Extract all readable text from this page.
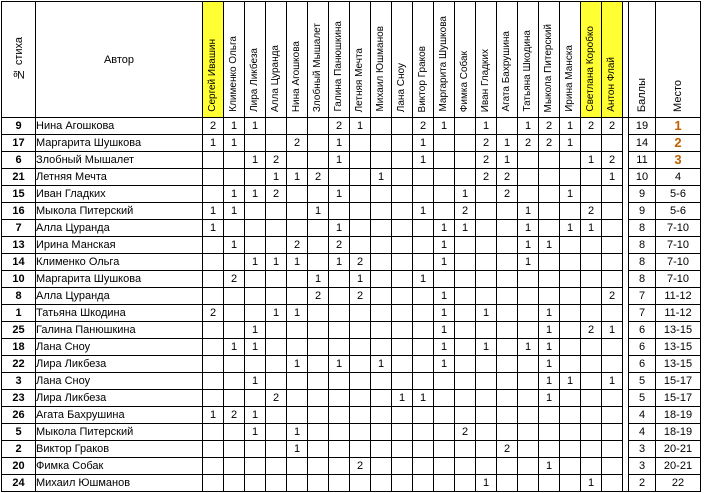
№ стиха	Автор	Сергей Ивашин	Клименко Ольга	Лира Ликбеза	Алла Цуранда	Нина Агошкова	Злобный Мышалет	Галина Панюшкина	Летняя Мечта	Михаил Юшманов	Лана Сноу	Виктор Граков	Маргарита Шушкова	Фимка Собак	Иван Гладких	Агата Бахрушина	Татьяна Шкодина	Мыкола Питерский	Ирина Манска	Светлана Коробко	Антон Флай		Баллы	Место
9	Нина Агошкова	2	1	1				2	1			2	1		1		1	2	1	2	2		19	1
17	Маргарита Шушкова	1	1			2		1				1			2	1	2	2	1				14	2
6	Злобный Мышалет			1	2			1				1			2	1				1	2		11	3
21	Летняя Мечта				1	1	2			1					2	2					1		10	4
15	Иван Гладких		1	1	2			1						1		2			1				9	5-6
16	Мыкола Питерский	1	1				1					1		2			1			2			9	5-6
7	Алла Цуранда	1						1					1	1			1		1	1			8	7-10
13	Ирина Манская		1			2		2					1				1	1					8	7-10
14	Клименко Ольга			1	1	1		1	2				1				1						8	7-10
10	Маргарита Шушкова		2				1		1			1											8	7-10
8	Алла Цуранда						2		2				1								2		7	11-12
1	Татьяна Шкодина	2			1	1							1		1			1					7	11-12
25	Галина Панюшкина			1									1					1		2	1		6	13-15
18	Лана Сноу		1	1									1		1		1	1					6	13-15
22	Лира Ликбеза					1		1		1			1					1					6	13-15
3	Лана Сноу			1														1	1		1		5	15-17
23	Лира Ликбеза				2						1	1						1					5	15-17
26	Агата Бахрушина	1	2	1																			4	18-19
5	Мыкола Питерский			1		1								2									4	18-19
2	Виктор Граков					1										2							3	20-21
20	Фимка Собак								2									1					3	20-21
24	Михаил Юшманов														1					1			2	22
